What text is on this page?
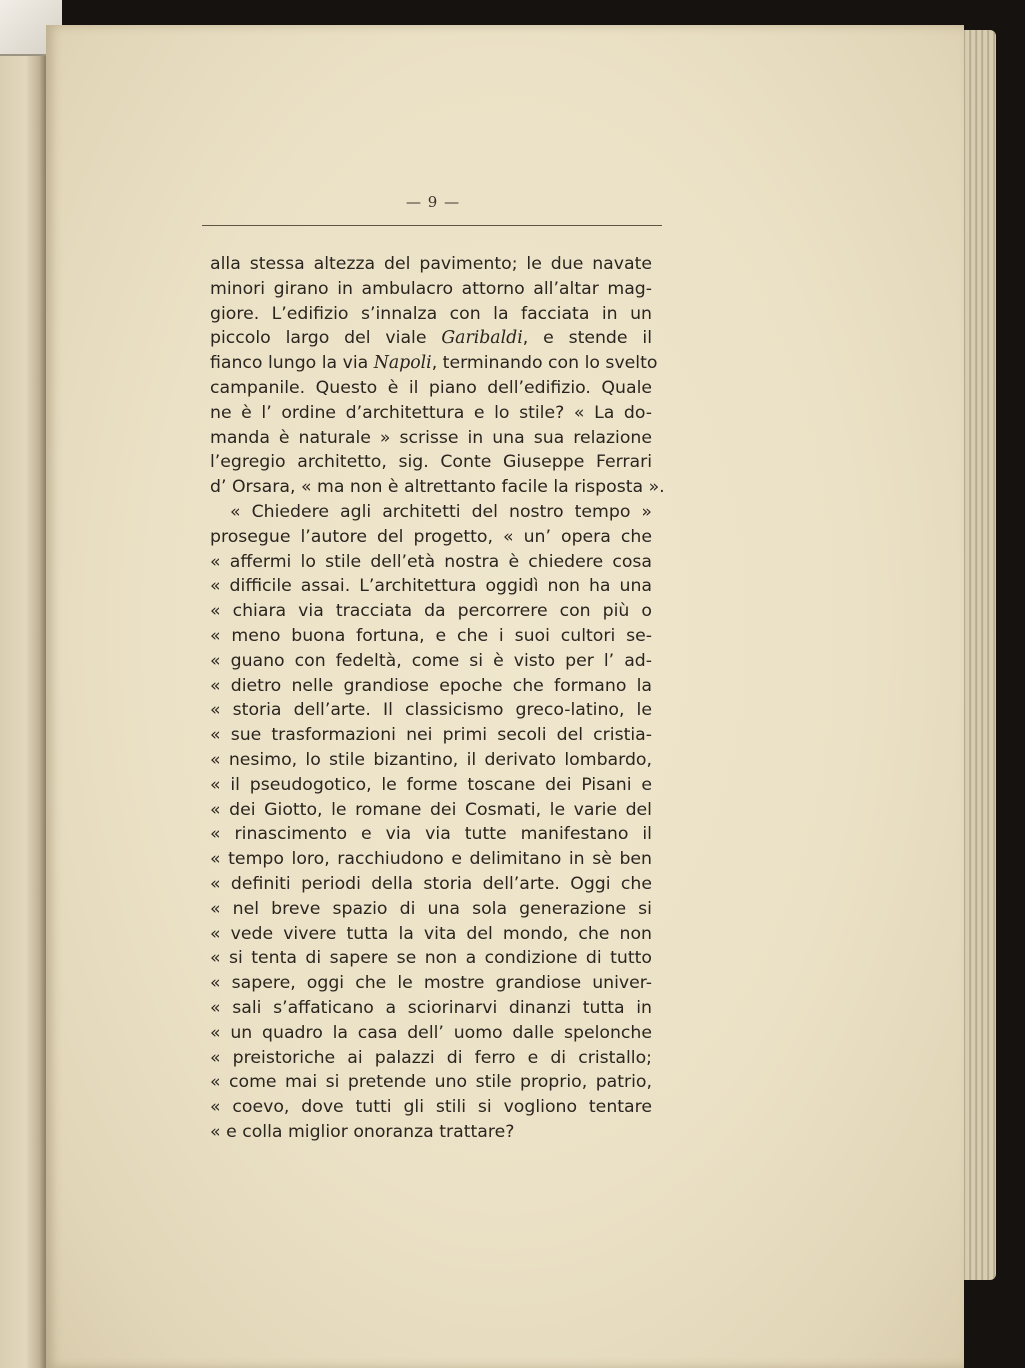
— 9 —
alla stessa altezza del pavimento; le due navate
minori girano in ambulacro attorno all’altar mag-
giore. L’edifizio s’innalza con la facciata in un
piccolo largo del viale Garibaldi, e stende il
fianco lungo la via Napoli, terminando con lo svelto
campanile. Questo è il piano dell’edifizio. Quale
ne è l’ ordine d’architettura e lo stile? « La do-
manda è naturale » scrisse in una sua relazione
l’egregio architetto, sig. Conte Giuseppe Ferrari
d’ Orsara, « ma non è altrettanto facile la risposta ».
« Chiedere agli architetti del nostro tempo »
prosegue l’autore del progetto, « un’ opera che
« affermi lo stile dell’età nostra è chiedere cosa
« difficile assai. L’architettura oggidì non ha una
« chiara via tracciata da percorrere con più o
« meno buona fortuna, e che i suoi cultori se-
« guano con fedeltà, come si è visto per l’ ad-
« dietro nelle grandiose epoche che formano la
« storia dell’arte. Il classicismo greco-latino, le
« sue trasformazioni nei primi secoli del cristia-
« nesimo, lo stile bizantino, il derivato lombardo,
« il pseudogotico, le forme toscane dei Pisani e
« dei Giotto, le romane dei Cosmati, le varie del
« rinascimento e via via tutte manifestano il
« tempo loro, racchiudono e delimitano in sè ben
« definiti periodi della storia dell’arte. Oggi che
« nel breve spazio di una sola generazione si
« vede vivere tutta la vita del mondo, che non
« si tenta di sapere se non a condizione di tutto
« sapere, oggi che le mostre grandiose univer-
« sali s’affaticano a sciorinarvi dinanzi tutta in
« un quadro la casa dell’ uomo dalle spelonche
« preistoriche ai palazzi di ferro e di cristallo;
« come mai si pretende uno stile proprio, patrio,
« coevo, dove tutti gli stili si vogliono tentare
« e colla miglior onoranza trattare?
